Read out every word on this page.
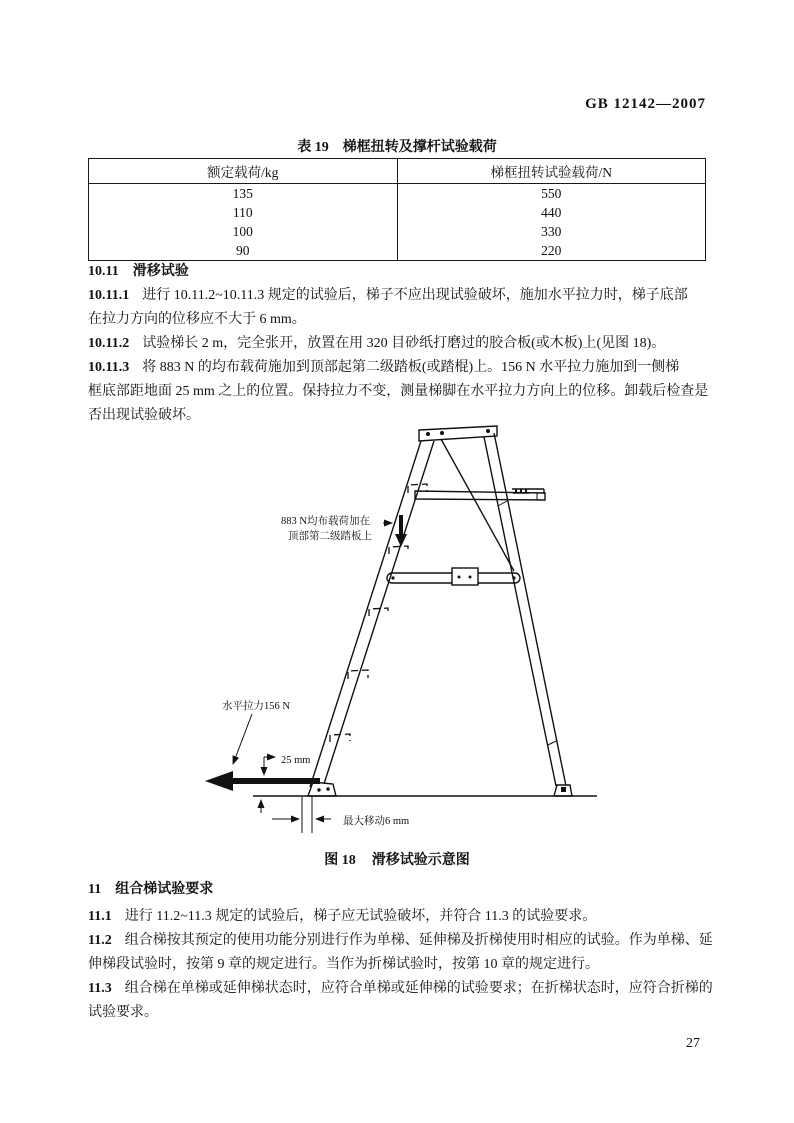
GB 12142—2007
表 19 梯框扭转及撑杆试验载荷
额定载荷/kg	梯框扭转试验载荷/N
135	550
110	440
100	330
90	220
10.11 滑移试验
10.11.1 进行 10.11.2~10.11.3 规定的试验后，梯子不应出现试验破坏，施加水平拉力时，梯子底部
在拉力方向的位移应不大于 6 mm。
10.11.2 试验梯长 2 m，完全张开，放置在用 320 目砂纸打磨过的胶合板(或木板)上(见图 18)。
10.11.3 将 883 N 的均布载荷施加到顶部起第二级踏板(或踏棍)上。156 N 水平拉力施加到一侧梯
框底部距地面 25 mm 之上的位置。保持拉力不变，测量梯脚在水平拉力方向上的位移。卸载后检查是
否出现试验破坏。
883 N均布载荷加在
顶部第二级踏板上
水平拉力156 N
25 mm
最大移动6 mm
图 18 滑移试验示意图
11 组合梯试验要求
11.1 进行 11.2~11.3 规定的试验后，梯子应无试验破坏，并符合 11.3 的试验要求。
11.2 组合梯按其预定的使用功能分别进行作为单梯、延伸梯及折梯使用时相应的试验。作为单梯、延
伸梯段试验时，按第 9 章的规定进行。当作为折梯试验时，按第 10 章的规定进行。
11.3 组合梯在单梯或延伸梯状态时，应符合单梯或延伸梯的试验要求；在折梯状态时，应符合折梯的
试验要求。
27
